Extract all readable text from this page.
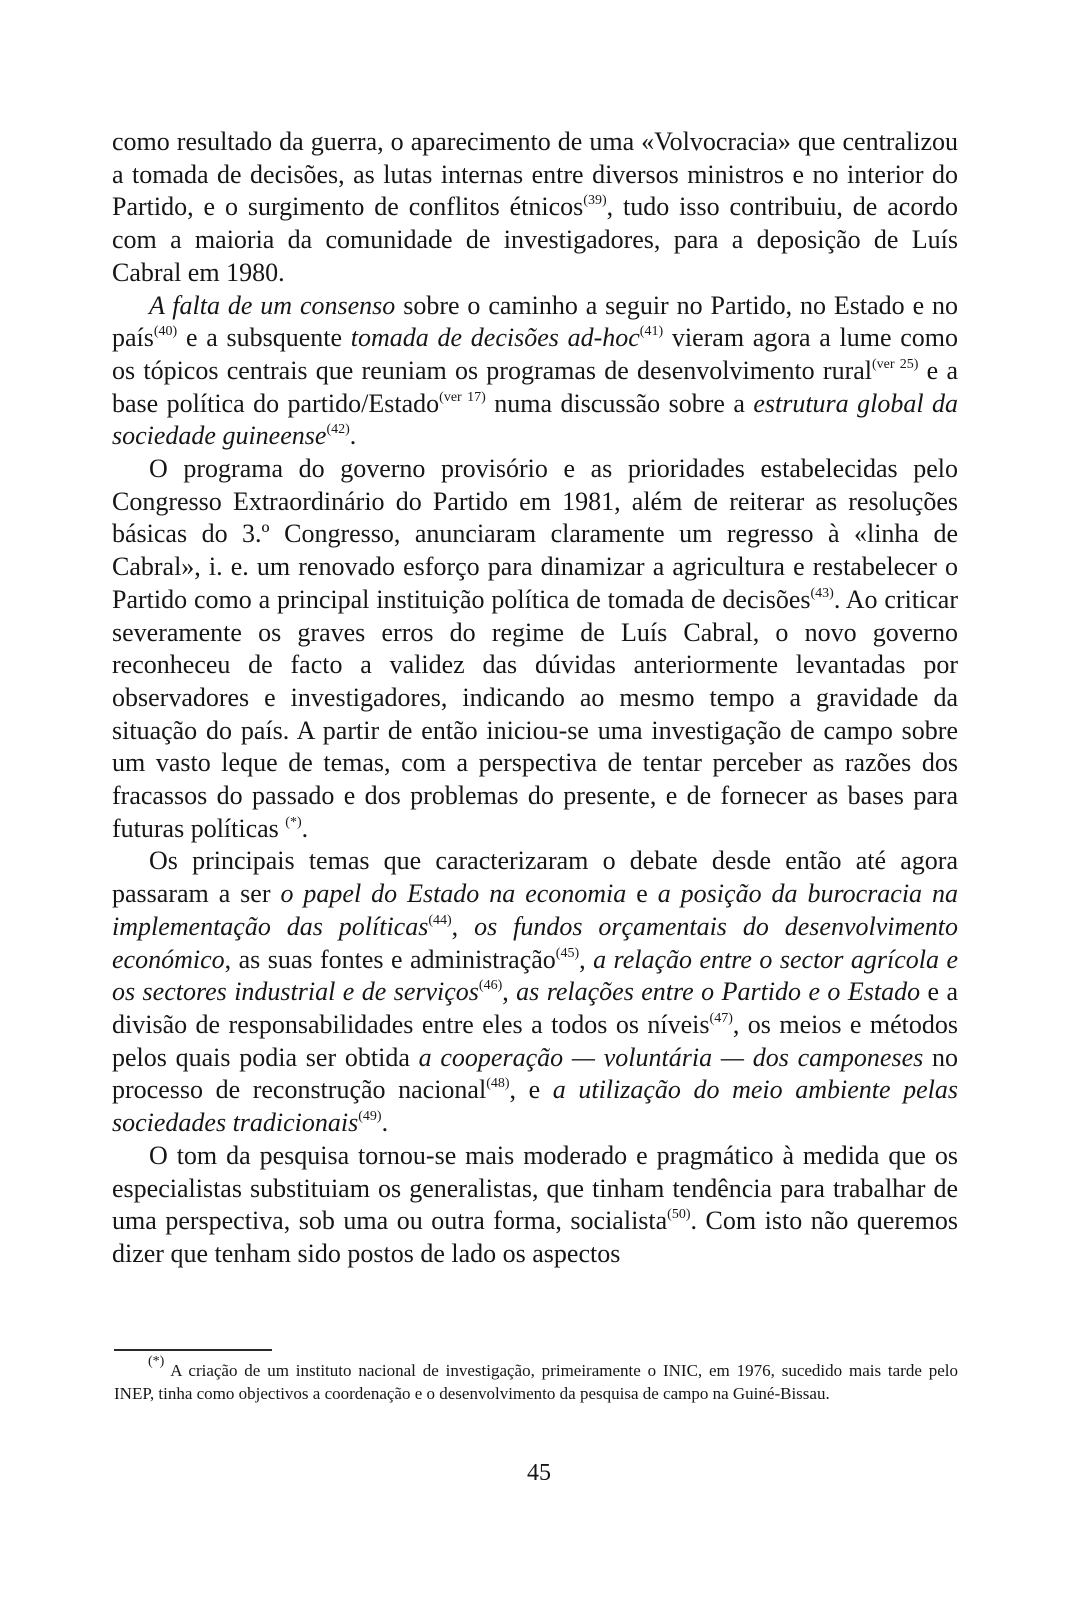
como resultado da guerra, o aparecimento de uma «Volvocracia» que centralizou a tomada de decisões, as lutas internas entre diversos ministros e no interior do Partido, e o surgimento de conflitos étnicos$^{(39)}$, tudo isso contribuiu, de acordo com a maioria da comunidade de investigadores, para a deposição de Luís Cabral em 1980.

A falta de um consenso sobre o caminho a seguir no Partido, no Estado e no país$^{(40)}$ e a subsquente tomada de decisões ad-hoc$^{(41)}$ vieram agora a lume como os tópicos centrais que reuniam os programas de desenvolvimento rural$^{(ver 25)}$ e a base política do partido/Estado$^{(ver 17)}$ numa discussão sobre a estrutura global da sociedade guineense$^{(42)}$.

O programa do governo provisório e as prioridades estabelecidas pelo Congresso Extraordinário do Partido em 1981, além de reiterar as resoluções básicas do 3.º Congresso, anunciaram claramente um regresso à «linha de Cabral», i. e. um renovado esforço para dinamizar a agricultura e restabelecer o Partido como a principal instituição política de tomada de decisões$^{(43)}$. Ao criticar severamente os graves erros do regime de Luís Cabral, o novo governo reconheceu de facto a validez das dúvidas anteriormente levantadas por observadores e investigadores, indicando ao mesmo tempo a gravidade da situação do país. A partir de então iniciou-se uma investigação de campo sobre um vasto leque de temas, com a perspectiva de tentar perceber as razões dos fracassos do passado e dos problemas do presente, e de fornecer as bases para futuras políticas (*).

Os principais temas que caracterizaram o debate desde então até agora passaram a ser o papel do Estado na economia e a posição da burocracia na implementação das políticas$^{(44)}$, os fundos orçamentais do desenvolvimento económico, as suas fontes e administração$^{(45)}$, a relação entre o sector agrícola e os sectores industrial e de serviços$^{(46)}$, as relações entre o Partido e o Estado e a divisão de responsabilidades entre eles a todos os níveis$^{(47)}$, os meios e métodos pelos quais podia ser obtida a cooperação — voluntária — dos camponeses no processo de reconstrução nacional$^{(48)}$, e a utilização do meio ambiente pelas sociedades tradicionais$^{(49)}$.

O tom da pesquisa tornou-se mais moderado e pragmático à medida que os especialistas substituiam os generalistas, que tinham tendência para trabalhar de uma perspectiva, sob uma ou outra forma, socialista$^{(50)}$. Com isto não queremos dizer que tenham sido postos de lado os aspectos

(*) A criação de um instituto nacional de investigação, primeiramente o INIC, em 1976, sucedido mais tarde pelo INEP, tinha como objectivos a coordenação e o desenvolvimento da pesquisa de campo na Guiné-Bissau.
45
